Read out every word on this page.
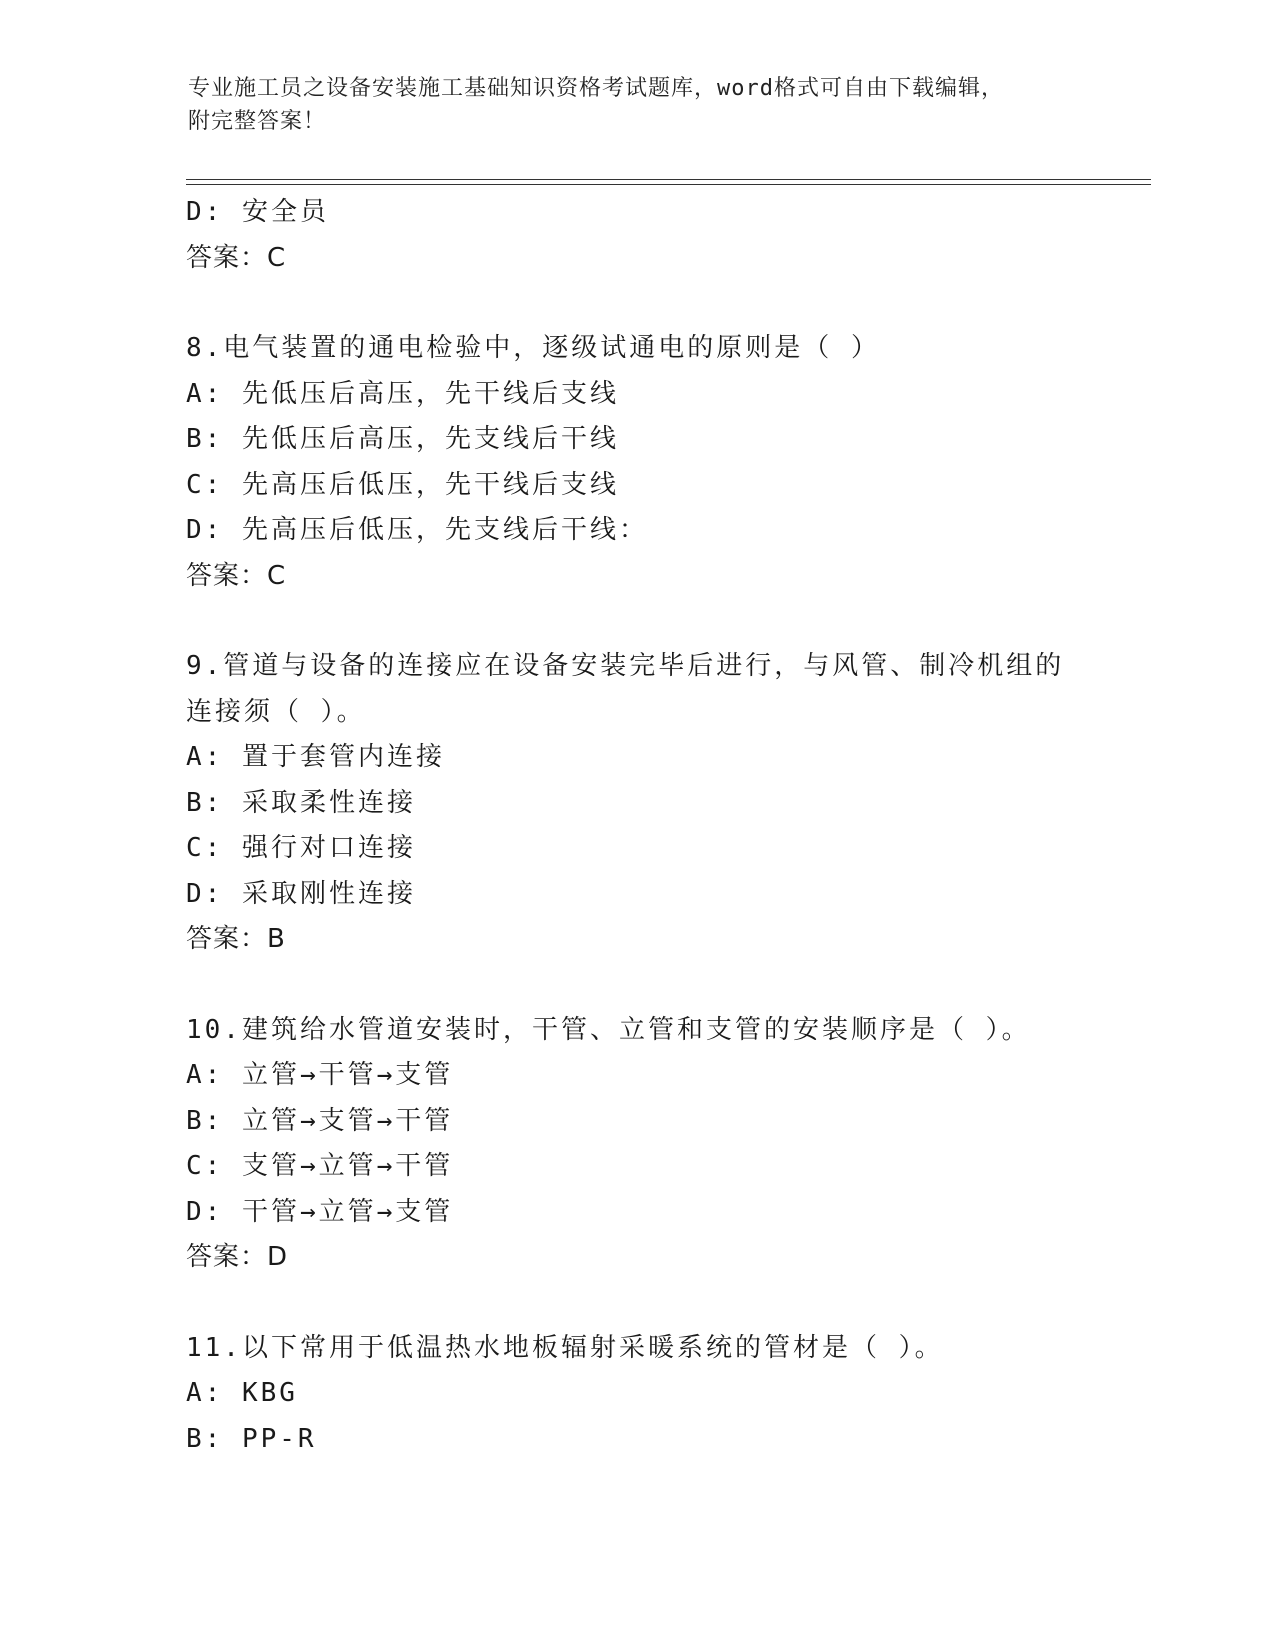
专业施工员之设备安装施工基础知识资格考试题库，word格式可自由下载编辑，
附完整答案！
D: 安全员
答案：C
8.电气装置的通电检验中，逐级试通电的原则是（ ）
A: 先低压后高压，先干线后支线
B: 先低压后高压，先支线后干线
C: 先高压后低压，先干线后支线
D: 先高压后低压，先支线后干线：
答案：C
9.管道与设备的连接应在设备安装完毕后进行，与风管、制冷机组的
连接须（ ）。
A: 置于套管内连接
B: 采取柔性连接
C: 强行对口连接
D: 采取刚性连接
答案：B
10.建筑给水管道安装时，干管、立管和支管的安装顺序是（ ）。
A: 立管→干管→支管
B: 立管→支管→干管
C: 支管→立管→干管
D: 干管→立管→支管
答案：D
11.以下常用于低温热水地板辐射采暖系统的管材是（ ）。
A: KBG
B: PP-R
